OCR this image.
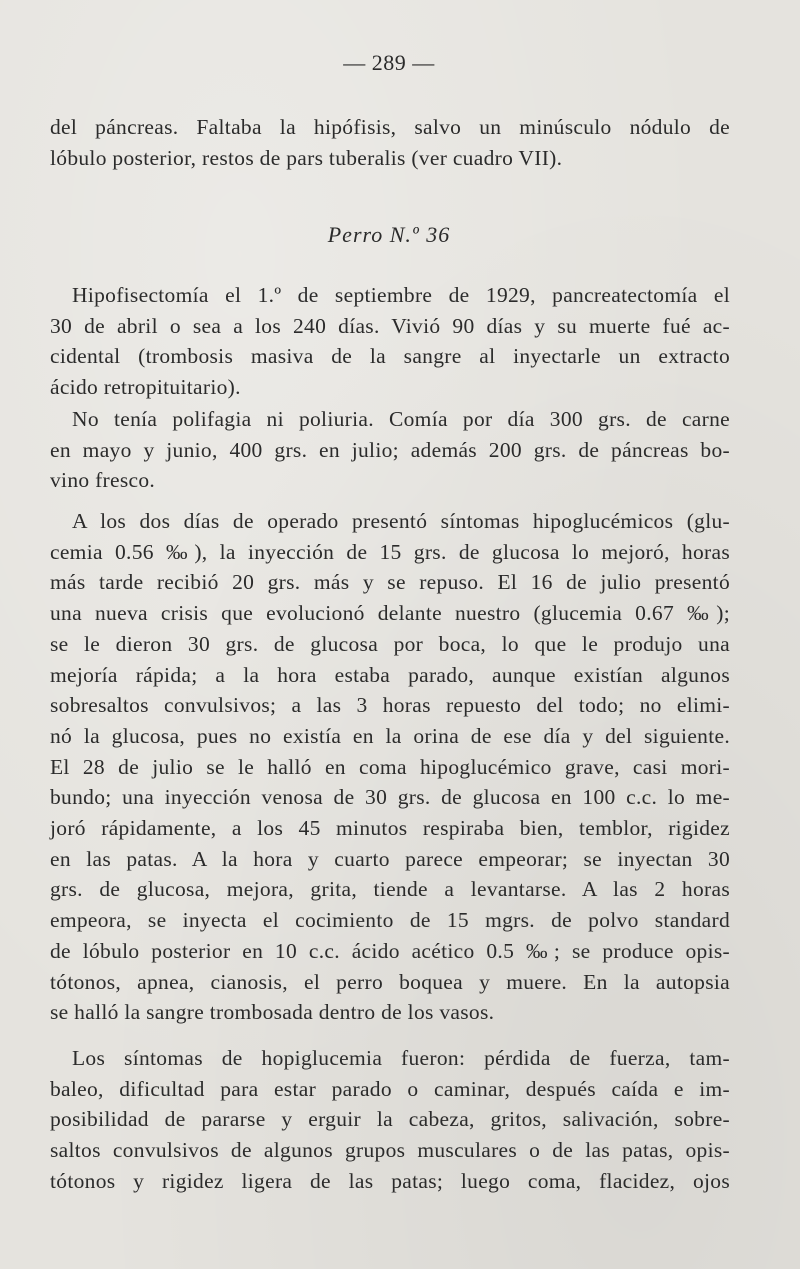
— 289 —
del páncreas. Faltaba la hipófisis, salvo un minúsculo nódulo de
lóbulo posterior, restos de pars tuberalis (ver cuadro VII).
Perro N.º 36
Hipofisectomía el 1.º de septiembre de 1929, pancreatectomía el
30 de abril o sea a los 240 días. Vivió 90 días y su muerte fué ac-
cidental (trombosis masiva de la sangre al inyectarle un extracto
ácido retropituitario).
No tenía polifagia ni poliuria. Comía por día 300 grs. de carne
en mayo y junio, 400 grs. en julio; además 200 grs. de páncreas bo-
vino fresco.
A los dos días de operado presentó síntomas hipoglucémicos (glu-
cemia 0.56 ‰), la inyección de 15 grs. de glucosa lo mejoró, horas
más tarde recibió 20 grs. más y se repuso. El 16 de julio presentó
una nueva crisis que evolucionó delante nuestro (glucemia 0.67 ‰);
se le dieron 30 grs. de glucosa por boca, lo que le produjo una
mejoría rápida; a la hora estaba parado, aunque existían algunos
sobresaltos convulsivos; a las 3 horas repuesto del todo; no elimi-
nó la glucosa, pues no existía en la orina de ese día y del siguiente.
El 28 de julio se le halló en coma hipoglucémico grave, casi mori-
bundo; una inyección venosa de 30 grs. de glucosa en 100 c.c. lo me-
joró rápidamente, a los 45 minutos respiraba bien, temblor, rigidez
en las patas. A la hora y cuarto parece empeorar; se inyectan 30
grs. de glucosa, mejora, grita, tiende a levantarse. A las 2 horas
empeora, se inyecta el cocimiento de 15 mgrs. de polvo standard
de lóbulo posterior en 10 c.c. ácido acético 0.5 ‰; se produce opis-
tótonos, apnea, cianosis, el perro boquea y muere. En la autopsia
se halló la sangre trombosada dentro de los vasos.
Los síntomas de hopiglucemia fueron: pérdida de fuerza, tam-
baleo, dificultad para estar parado o caminar, después caída e im-
posibilidad de pararse y erguir la cabeza, gritos, salivación, sobre-
saltos convulsivos de algunos grupos musculares o de las patas, opis-
tótonos y rigidez ligera de las patas; luego coma, flacidez, ojos
